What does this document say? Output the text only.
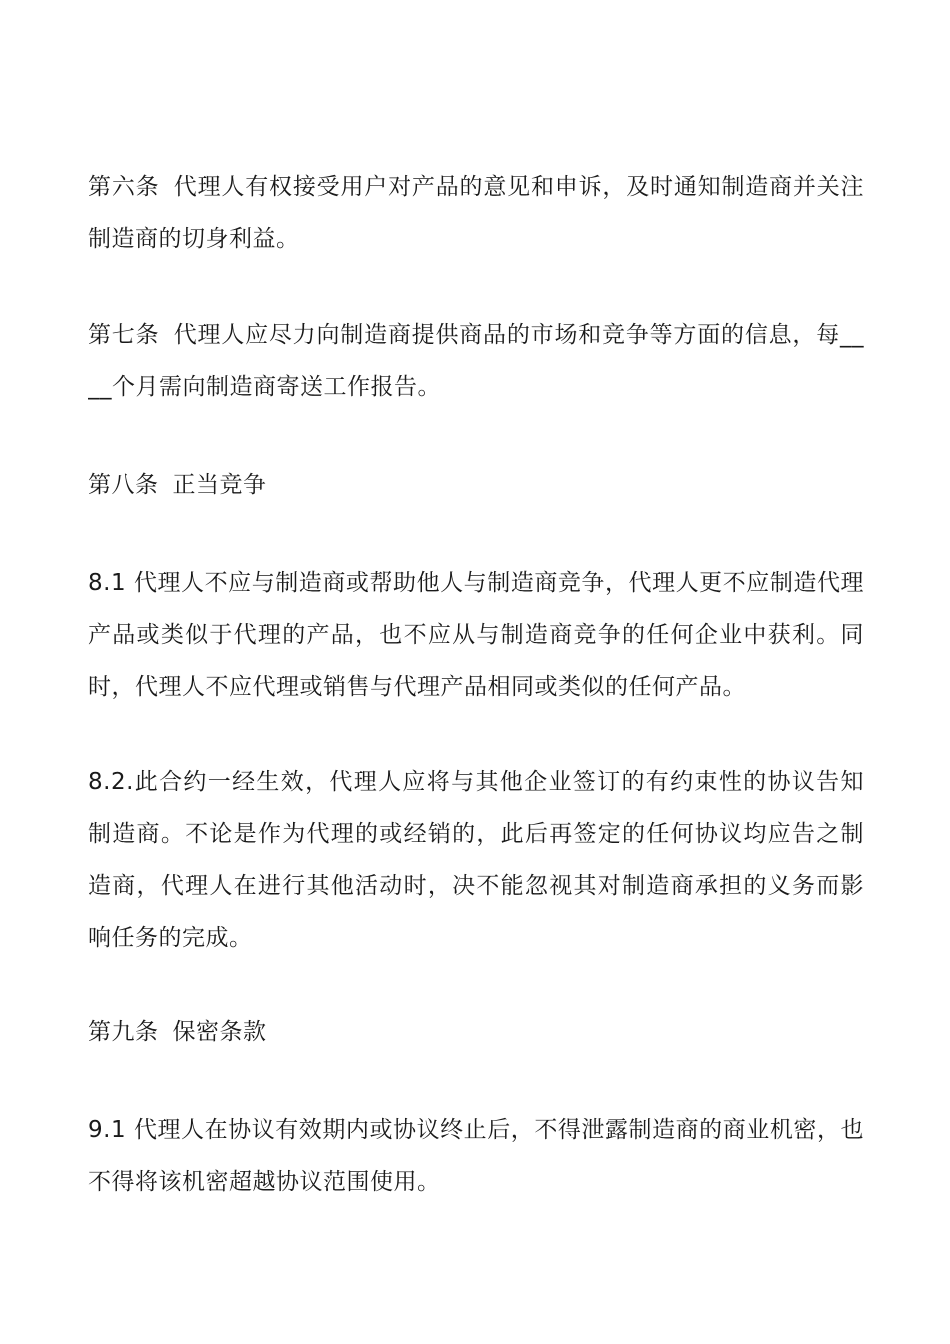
第六条 代理人有权接受用户对产品的意见和申诉，及时通知制造商并关注
制造商的切身利益。
第七条 代理人应尽力向制造商提供商品的市场和竞争等方面的信息，每__
__个月需向制造商寄送工作报告。
第八条 正当竞争
8.1 代理人不应与制造商或帮助他人与制造商竞争，代理人更不应制造代理
产品或类似于代理的产品，也不应从与制造商竞争的任何企业中获利。同
时，代理人不应代理或销售与代理产品相同或类似的任何产品。
8.2.此合约一经生效，代理人应将与其他企业签订的有约束性的协议告知
制造商。不论是作为代理的或经销的，此后再签定的任何协议均应告之制
造商，代理人在进行其他活动时，决不能忽视其对制造商承担的义务而影
响任务的完成。
第九条 保密条款
9.1 代理人在协议有效期内或协议终止后，不得泄露制造商的商业机密，也
不得将该机密超越协议范围使用。
